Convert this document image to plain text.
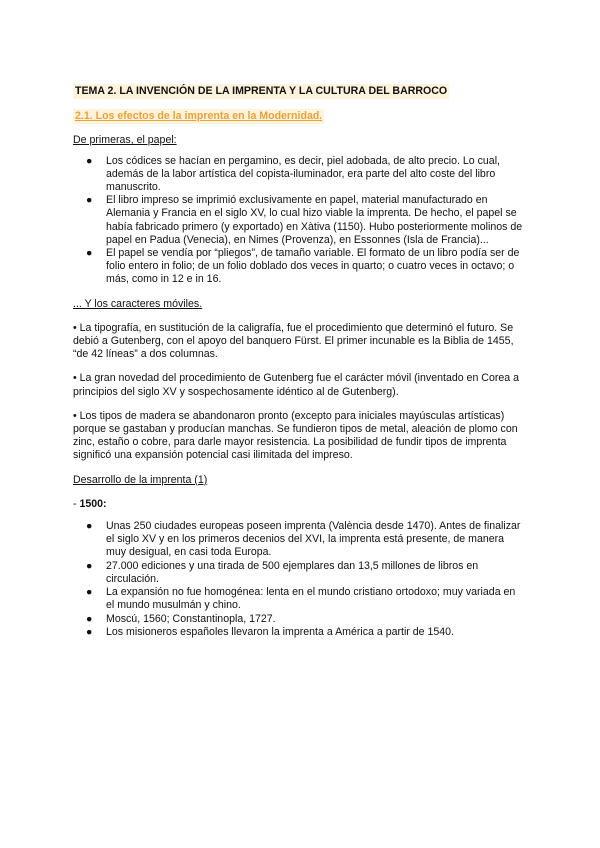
TEMA 2. LA INVENCIÓN DE LA IMPRENTA Y LA CULTURA DEL BARROCO
2.1. Los efectos de la imprenta en la Modernidad.
De primeras, el papel:
● Los códices se hacían en pergamino, es decir, piel adobada, de alto precio. Lo cual, además de la labor artística del copista-iluminador, era parte del alto coste del libro manuscrito.
● El libro impreso se imprimió exclusivamente en papel, material manufacturado en Alemania y Francia en el siglo XV, lo cual hizo viable la imprenta. De hecho, el papel se había fabricado primero (y exportado) en Xàtiva (1150). Hubo posteriormente molinos de papel en Padua (Venecia), en Nimes (Provenza), en Essonnes (Isla de Francia)...
● El papel se vendía por “pliegos”, de tamaño variable. El formato de un libro podía ser de folio entero in folio; de un folio doblado dos veces in quarto; o cuatro veces in octavo; o más, como in 12 e in 16.
... Y los caracteres móviles.

• La tipografía, en sustitución de la caligrafía, fue el procedimiento que determinó el futuro. Se debió a Gutenberg, con el apoyo del banquero Fürst. El primer incunable es la Biblia de 1455, “de 42 líneas” a dos columnas.

• La gran novedad del procedimiento de Gutenberg fue el carácter móvil (inventado en Corea a principios del siglo XV y sospechosamente idéntico al de Gutenberg).

• Los tipos de madera se abandonaron pronto (excepto para iniciales mayúsculas artísticas) porque se gastaban y producían manchas. Se fundieron tipos de metal, aleación de plomo con zinc, estaño o cobre, para darle mayor resistencia. La posibilidad de fundir tipos de imprenta significó una expansión potencial casi ilimitada del impreso.

Desarrollo de la imprenta (1)

- 1500:

● Unas 250 ciudades europeas poseen imprenta (València desde 1470). Antes de finalizar el siglo XV y en los primeros decenios del XVI, la imprenta está presente, de manera muy desigual, en casi toda Europa.
● 27.000 ediciones y una tirada de 500 ejemplares dan 13,5 millones de libros en circulación.
● La expansión no fue homogénea: lenta en el mundo cristiano ortodoxo; muy variada en el mundo musulmán y chino.
● Moscú, 1560; Constantinopla, 1727.
● Los misioneros españoles llevaron la imprenta a América a partir de 1540.
